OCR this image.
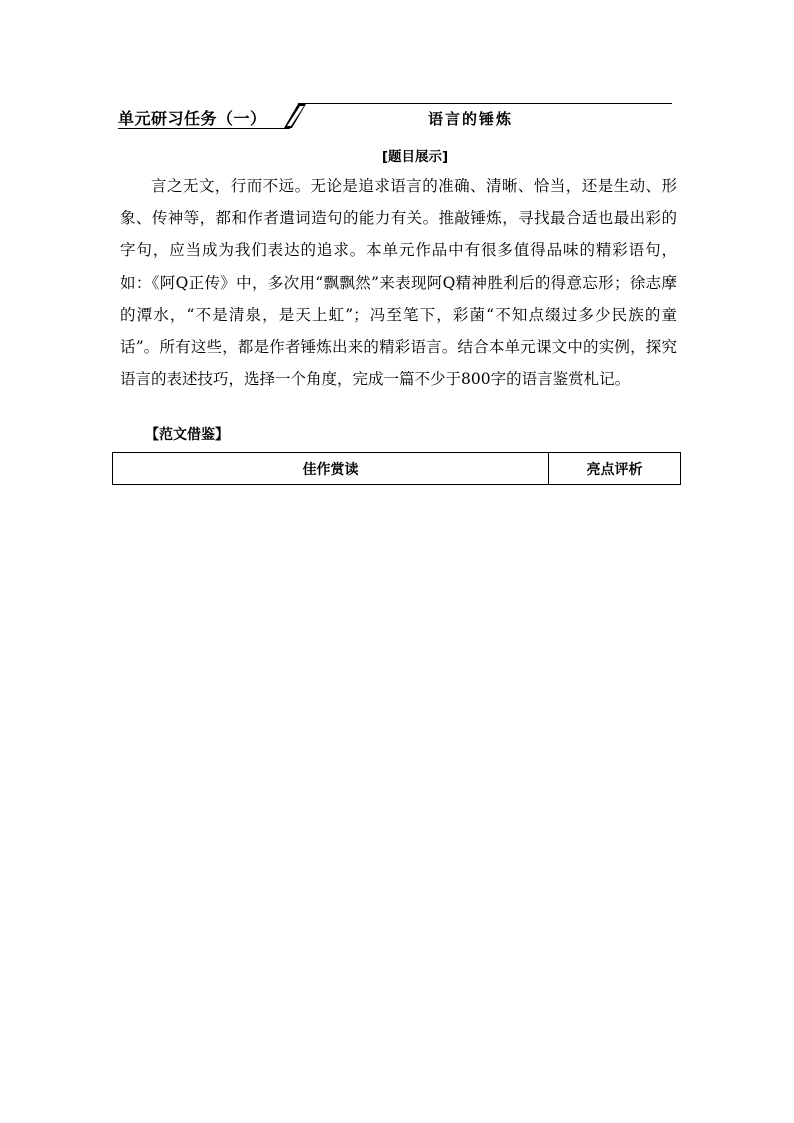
单元研习任务（一）	语言的锤炼
[题目展示]

言之无文，行而不远。无论是追求语言的准确、清晰、恰当，还是生动、形象、传神等，都和作者遣词造句的能力有关。推敲锤炼，寻找最合适也最出彩的字句，应当成为我们表达的追求。本单元作品中有很多值得品味的精彩语句，如：《阿Q正传》中，多次用“飘飘然”来表现阿Q精神胜利后的得意忘形；徐志摩的潭水，“不是清泉，是天上虹”；冯至笔下，彩菌“不知点缀过多少民族的童话”。所有这些，都是作者锤炼出来的精彩语言。结合本单元课文中的实例，探究语言的表述技巧，选择一个角度，完成一篇不少于800字的语言鉴赏札记。

【范文借鉴】
佳作赏读	亮点评析
